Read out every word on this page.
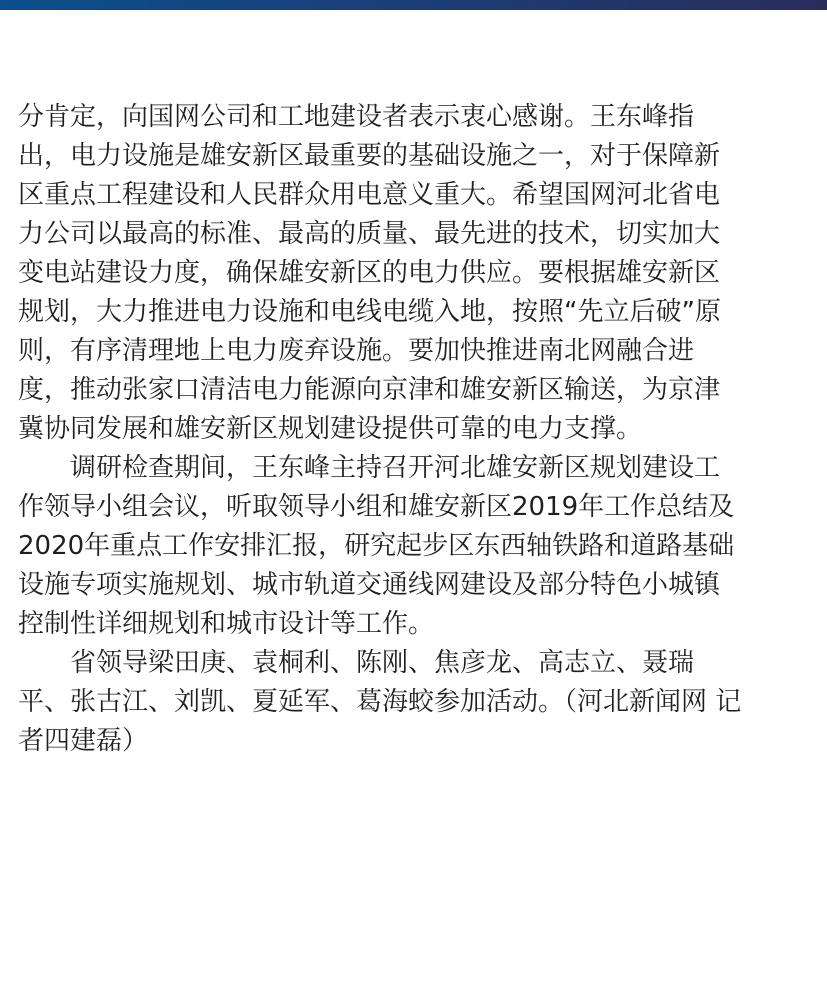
分肯定，向国网公司和工地建设者表示衷心感谢。王东峰指出，电力设施是雄安新区最重要的基础设施之一，对于保障新区重点工程建设和人民群众用电意义重大。希望国网河北省电力公司以最高的标准、最高的质量、最先进的技术，切实加大变电站建设力度，确保雄安新区的电力供应。要根据雄安新区规划，大力推进电力设施和电线电缆入地，按照“先立后破”原则，有序清理地上电力废弃设施。要加快推进南北网融合进度，推动张家口清洁电力能源向京津和雄安新区输送，为京津冀协同发展和雄安新区规划建设提供可靠的电力支撑。

调研检查期间，王东峰主持召开河北雄安新区规划建设工作领导小组会议，听取领导小组和雄安新区2019年工作总结及2020年重点工作安排汇报，研究起步区东西轴铁路和道路基础设施专项实施规划、城市轨道交通线网建设及部分特色小城镇控制性详细规划和城市设计等工作。

省领导梁田庚、袁桐利、陈刚、焦彦龙、高志立、聂瑞平、张古江、刘凯、夏延军、葛海蛟参加活动。（河北新闻网 记者四建磊）
